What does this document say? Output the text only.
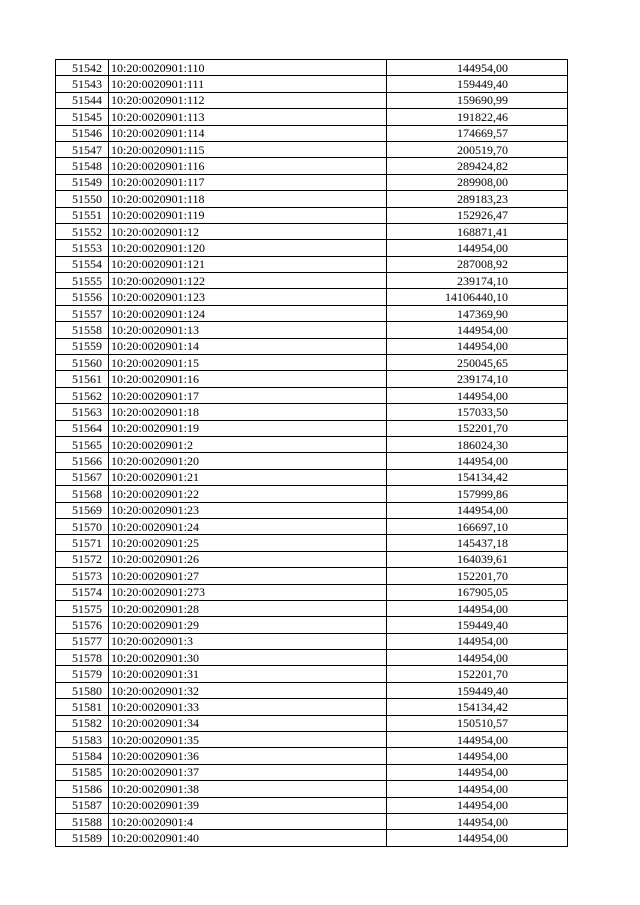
51542	10:20:0020901:110	144954,00
51543	10:20:0020901:111	159449,40
51544	10:20:0020901:112	159690,99
51545	10:20:0020901:113	191822,46
51546	10:20:0020901:114	174669,57
51547	10:20:0020901:115	200519,70
51548	10:20:0020901:116	289424,82
51549	10:20:0020901:117	289908,00
51550	10:20:0020901:118	289183,23
51551	10:20:0020901:119	152926,47
51552	10:20:0020901:12	168871,41
51553	10:20:0020901:120	144954,00
51554	10:20:0020901:121	287008,92
51555	10:20:0020901:122	239174,10
51556	10:20:0020901:123	14106440,10
51557	10:20:0020901:124	147369,90
51558	10:20:0020901:13	144954,00
51559	10:20:0020901:14	144954,00
51560	10:20:0020901:15	250045,65
51561	10:20:0020901:16	239174,10
51562	10:20:0020901:17	144954,00
51563	10:20:0020901:18	157033,50
51564	10:20:0020901:19	152201,70
51565	10:20:0020901:2	186024,30
51566	10:20:0020901:20	144954,00
51567	10:20:0020901:21	154134,42
51568	10:20:0020901:22	157999,86
51569	10:20:0020901:23	144954,00
51570	10:20:0020901:24	166697,10
51571	10:20:0020901:25	145437,18
51572	10:20:0020901:26	164039,61
51573	10:20:0020901:27	152201,70
51574	10:20:0020901:273	167905,05
51575	10:20:0020901:28	144954,00
51576	10:20:0020901:29	159449,40
51577	10:20:0020901:3	144954,00
51578	10:20:0020901:30	144954,00
51579	10:20:0020901:31	152201,70
51580	10:20:0020901:32	159449,40
51581	10:20:0020901:33	154134,42
51582	10:20:0020901:34	150510,57
51583	10:20:0020901:35	144954,00
51584	10:20:0020901:36	144954,00
51585	10:20:0020901:37	144954,00
51586	10:20:0020901:38	144954,00
51587	10:20:0020901:39	144954,00
51588	10:20:0020901:4	144954,00
51589	10:20:0020901:40	144954,00
